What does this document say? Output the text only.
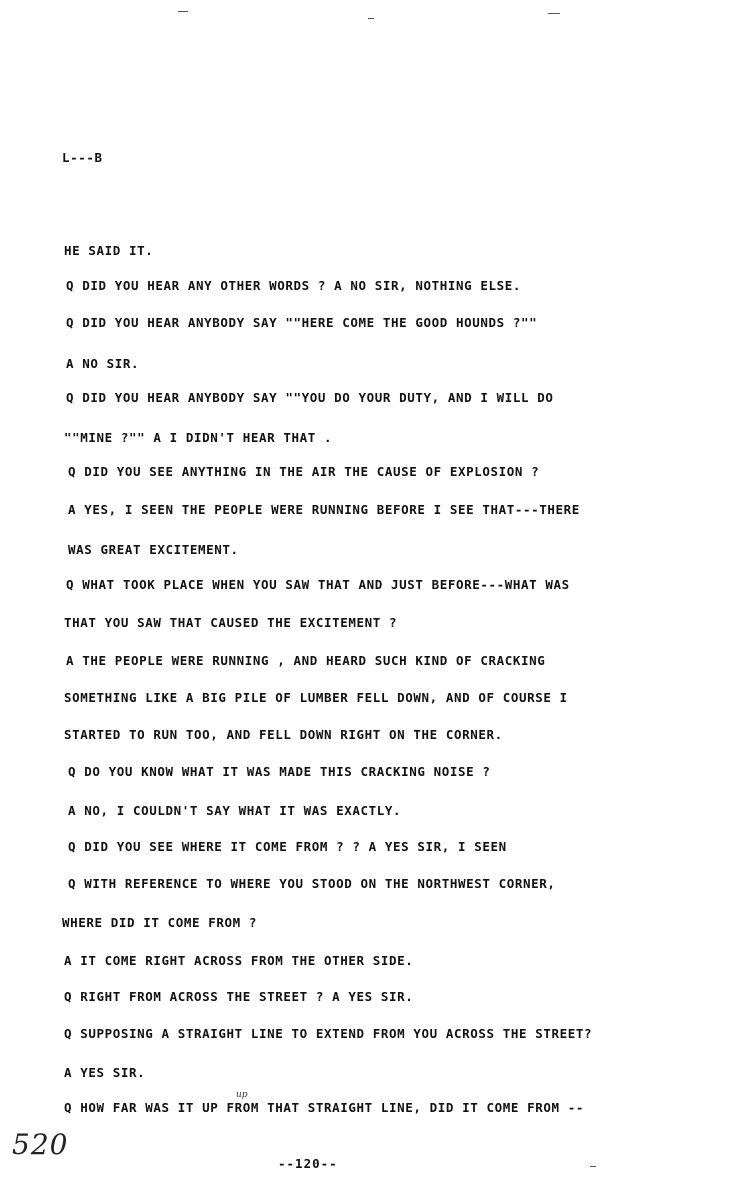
L---B
HE SAID IT.
Q DID YOU HEAR ANY OTHER WORDS ? A NO SIR, NOTHING ELSE.
Q DID YOU HEAR ANYBODY SAY ""HERE COME THE GOOD HOUNDS ?""
A NO SIR.
Q DID YOU HEAR ANYBODY SAY ""YOU DO YOUR DUTY, AND I WILL DO
""MINE ?"" A I DIDN'T HEAR THAT .
Q DID YOU SEE ANYTHING IN THE AIR THE CAUSE OF EXPLOSION ?
A YES, I SEEN THE PEOPLE WERE RUNNING BEFORE I SEE THAT---THERE
WAS GREAT EXCITEMENT.
Q WHAT TOOK PLACE WHEN YOU SAW THAT AND JUST BEFORE---WHAT WAS
THAT YOU SAW THAT CAUSED THE EXCITEMENT ?
A THE PEOPLE WERE RUNNING , AND HEARD SUCH KIND OF CRACKING
SOMETHING LIKE A BIG PILE OF LUMBER FELL DOWN, AND OF COURSE I
STARTED TO RUN TOO, AND FELL DOWN RIGHT ON THE CORNER.
Q DO YOU KNOW WHAT IT WAS MADE THIS CRACKING NOISE ?
A NO, I COULDN'T SAY WHAT IT WAS EXACTLY.
Q DID YOU SEE WHERE IT COME FROM ? ? A YES SIR, I SEEN
Q WITH REFERENCE TO WHERE YOU STOOD ON THE NORTHWEST CORNER,
WHERE DID IT COME FROM ?
A IT COME RIGHT ACROSS FROM THE OTHER SIDE.
Q RIGHT FROM ACROSS THE STREET ? A YES SIR.
Q SUPPOSING A STRAIGHT LINE TO EXTEND FROM YOU ACROSS THE STREET?
A YES SIR.
Q HOW FAR WAS IT UP FROM THAT STRAIGHT LINE, DID IT COME FROM --
up
520
--120--
